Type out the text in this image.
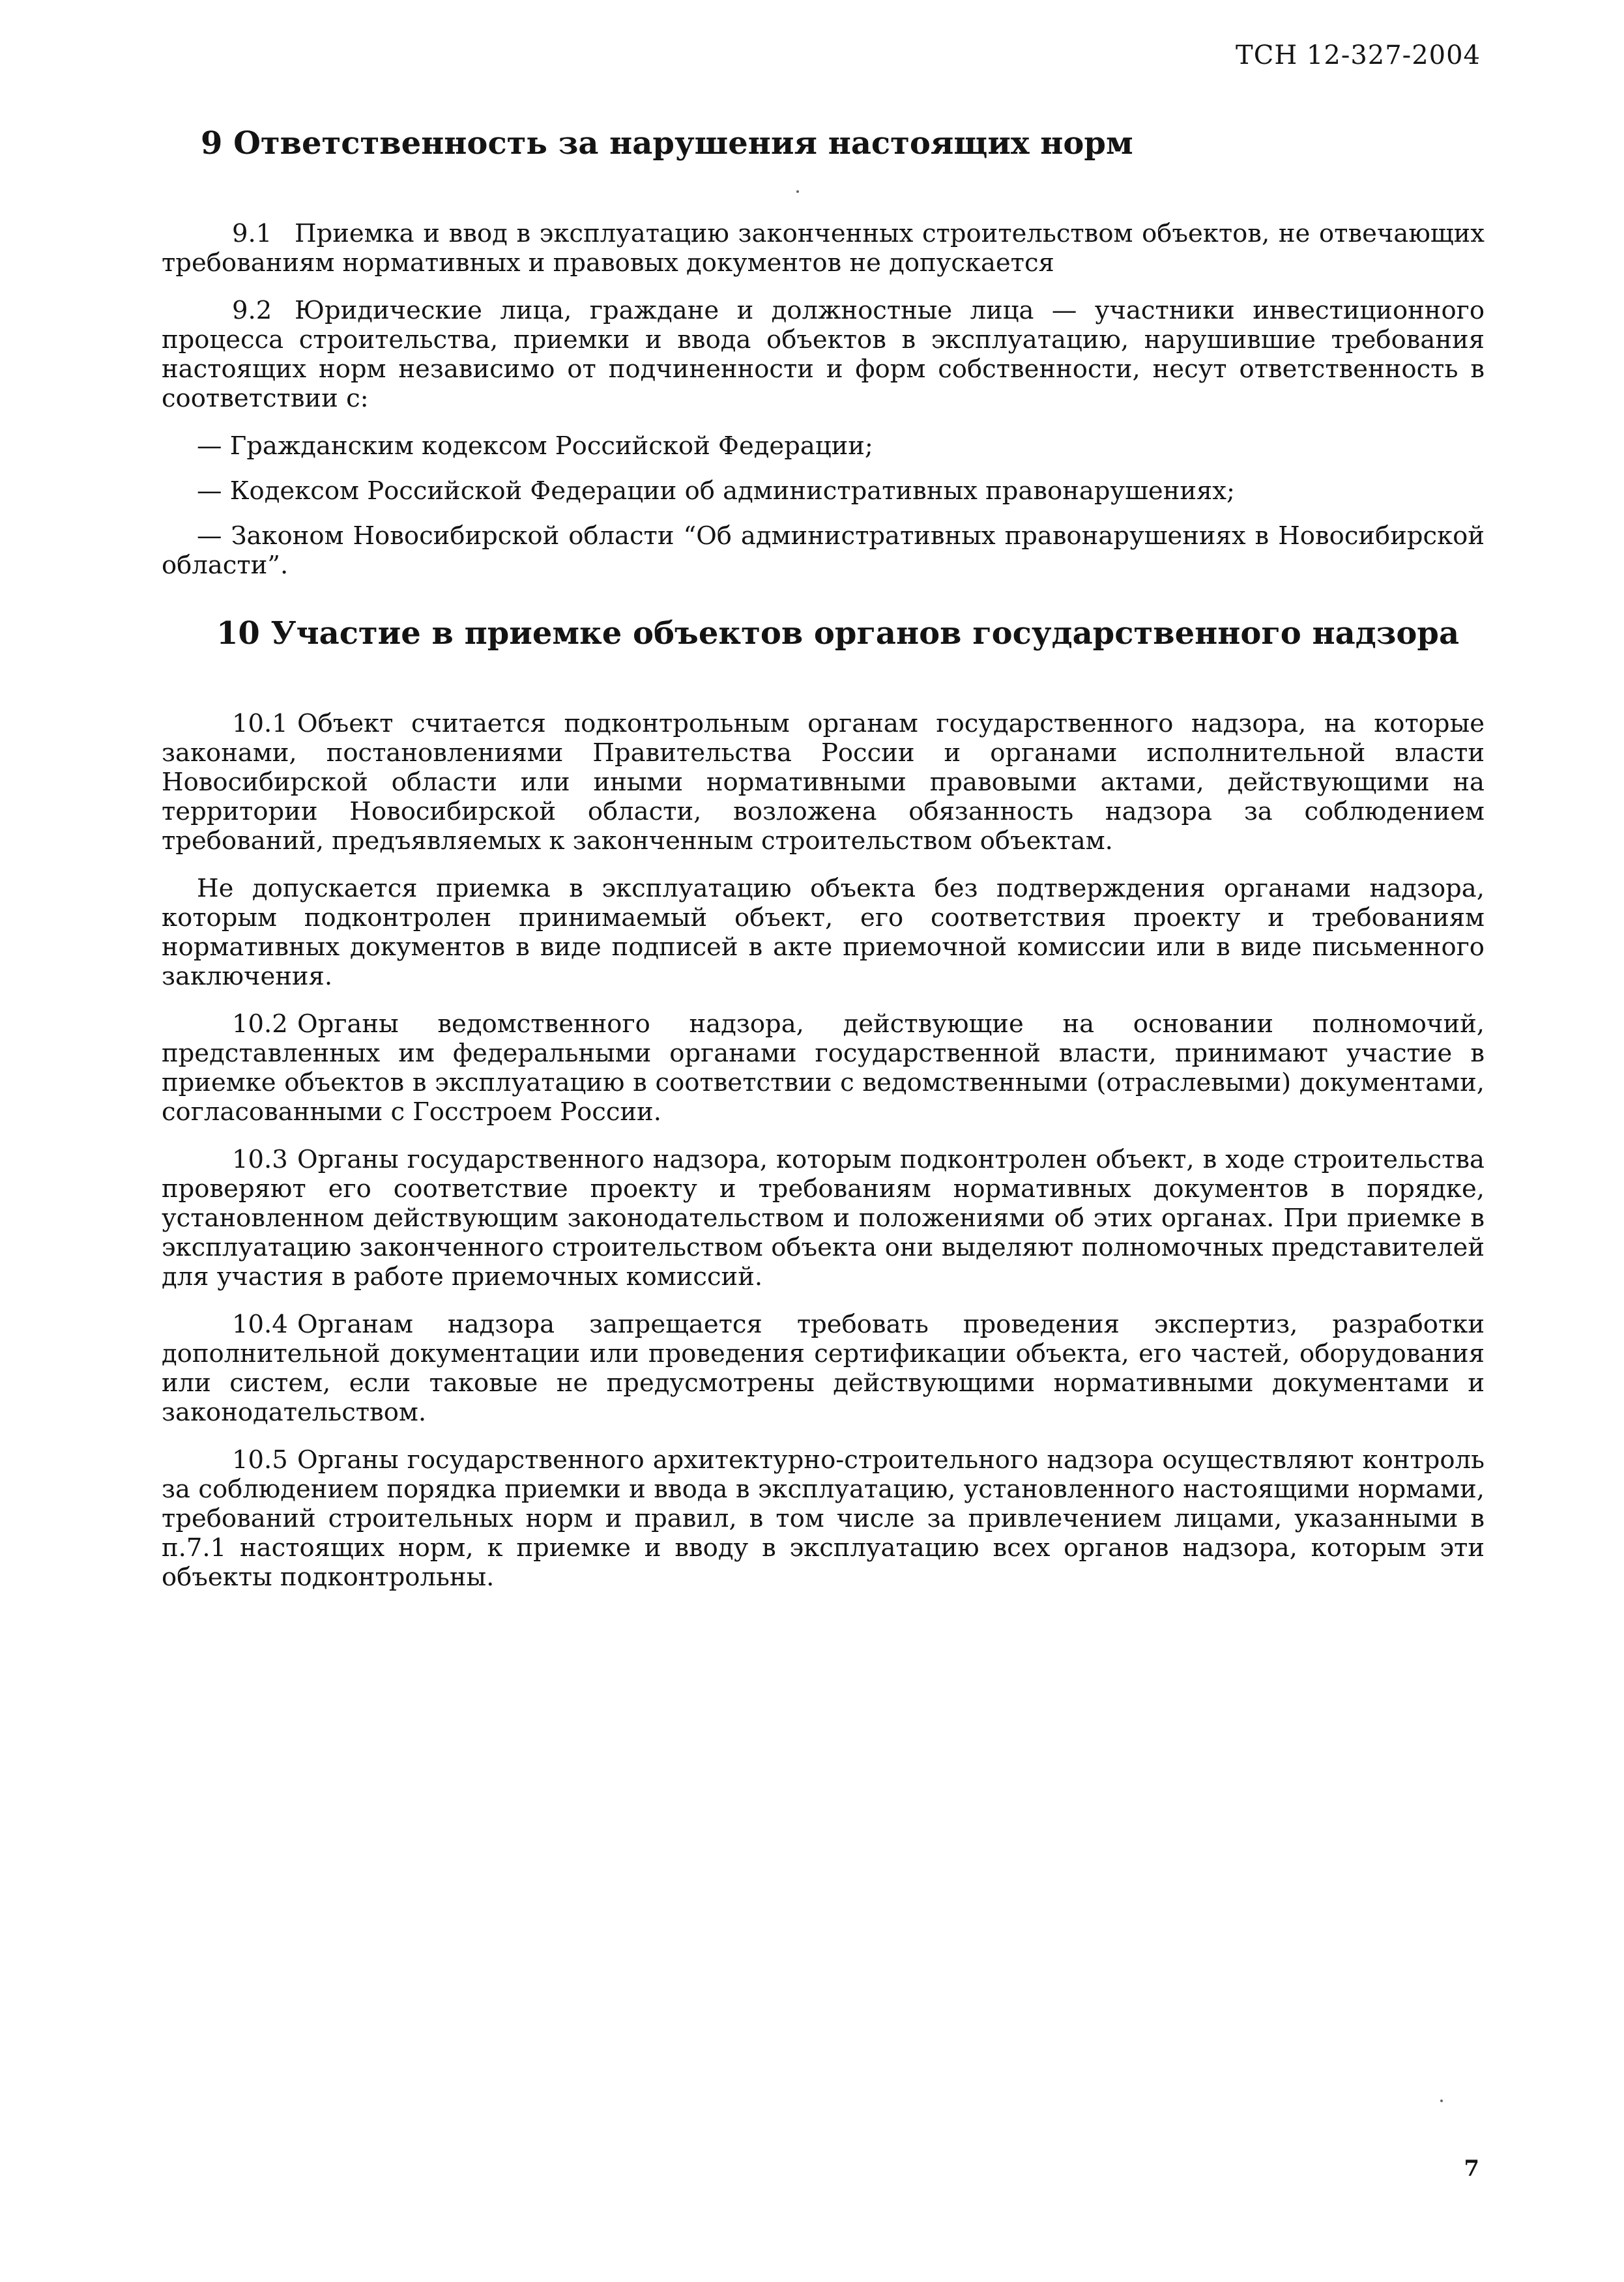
ТСН 12-327-2004
9 Ответственность за нарушения настоящих норм

9.1 Приемка и ввод в эксплуатацию законченных строительством объектов, не отвечающих требованиям нормативных и правовых документов не допускается

9.2 Юридические лица, граждане и должностные лица — участники инвестиционного процесса строительства, приемки и ввода объектов в эксплуатацию, нарушившие требования настоящих норм независимо от подчиненности и форм собственности, несут ответственность в соответствии с:

— Гражданским кодексом Российской Федерации;

— Кодексом Российской Федерации об административных правонарушениях;

— Законом Новосибирской области “Об административных правонарушениях в Новосибирской области”.

10 Участие в приемке объектов органов государственного надзора

10.1 Объект считается подконтрольным органам государственного надзора, на которые законами, постановлениями Правительства России и органами исполнительной власти Новосибирской области или иными нормативными правовыми актами, действующими на территории Новосибирской области, возложена обязанность надзора за соблюдением требований, предъявляемых к законченным строительством объектам.

Не допускается приемка в эксплуатацию объекта без подтверждения органами надзора, которым подконтролен принимаемый объект, его соответствия проекту и требованиям нормативных документов в виде подписей в акте приемочной комиссии или в виде письменного заключения.

10.2 Органы ведомственного надзора, действующие на основании полномочий, представленных им федеральными органами государственной власти, принимают участие в приемке объектов в эксплуатацию в соответствии с ведомственными (отраслевыми) документами, согласованными с Госстроем России.

10.3 Органы государственного надзора, которым подконтролен объект, в ходе строительства проверяют его соответствие проекту и требованиям нормативных документов в порядке, установленном действующим законодательством и положениями об этих органах. При приемке в эксплуатацию законченного строительством объекта они выделяют полномочных представителей для участия в работе приемочных комиссий.

10.4 Органам надзора запрещается требовать проведения экспертиз, разработки дополнительной документации или проведения сертификации объекта, его частей, оборудования или систем, если таковые не предусмотрены действующими нормативными документами и законодательством.

10.5 Органы государственного архитектурно-строительного надзора осуществляют контроль за соблюдением порядка приемки и ввода в эксплуатацию, установленного настоящими нормами, требований строительных норм и правил, в том числе за привлечением лицами, указанными в п.7.1 настоящих норм, к приемке и вводу в эксплуатацию всех органов надзора, которым эти объекты подконтрольны.

7
